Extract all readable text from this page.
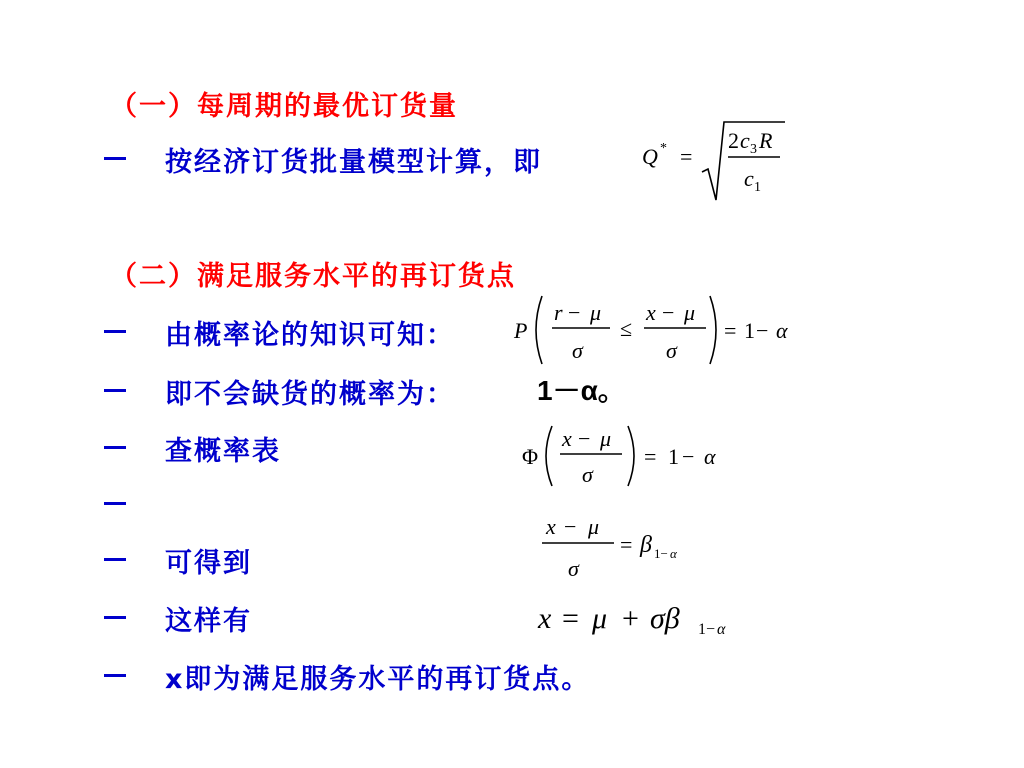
（一）每周期的最优订货量
按经济订货批量模型计算，即	Q * =
2 c 3 R
c 1
（二）满足服务水平的再订货点
由概率论的知识可知：	P
r − μ
σ
≤
x − μ
σ
= 1 − α
即不会缺货的概率为：	1－α。
查概率表	Φ
x − μ
σ
= 1 − α
可得到
x − μ
σ
= β 1− α
这样有	x = μ + σβ 1− α
x即为满足服务水平的再订货点。
